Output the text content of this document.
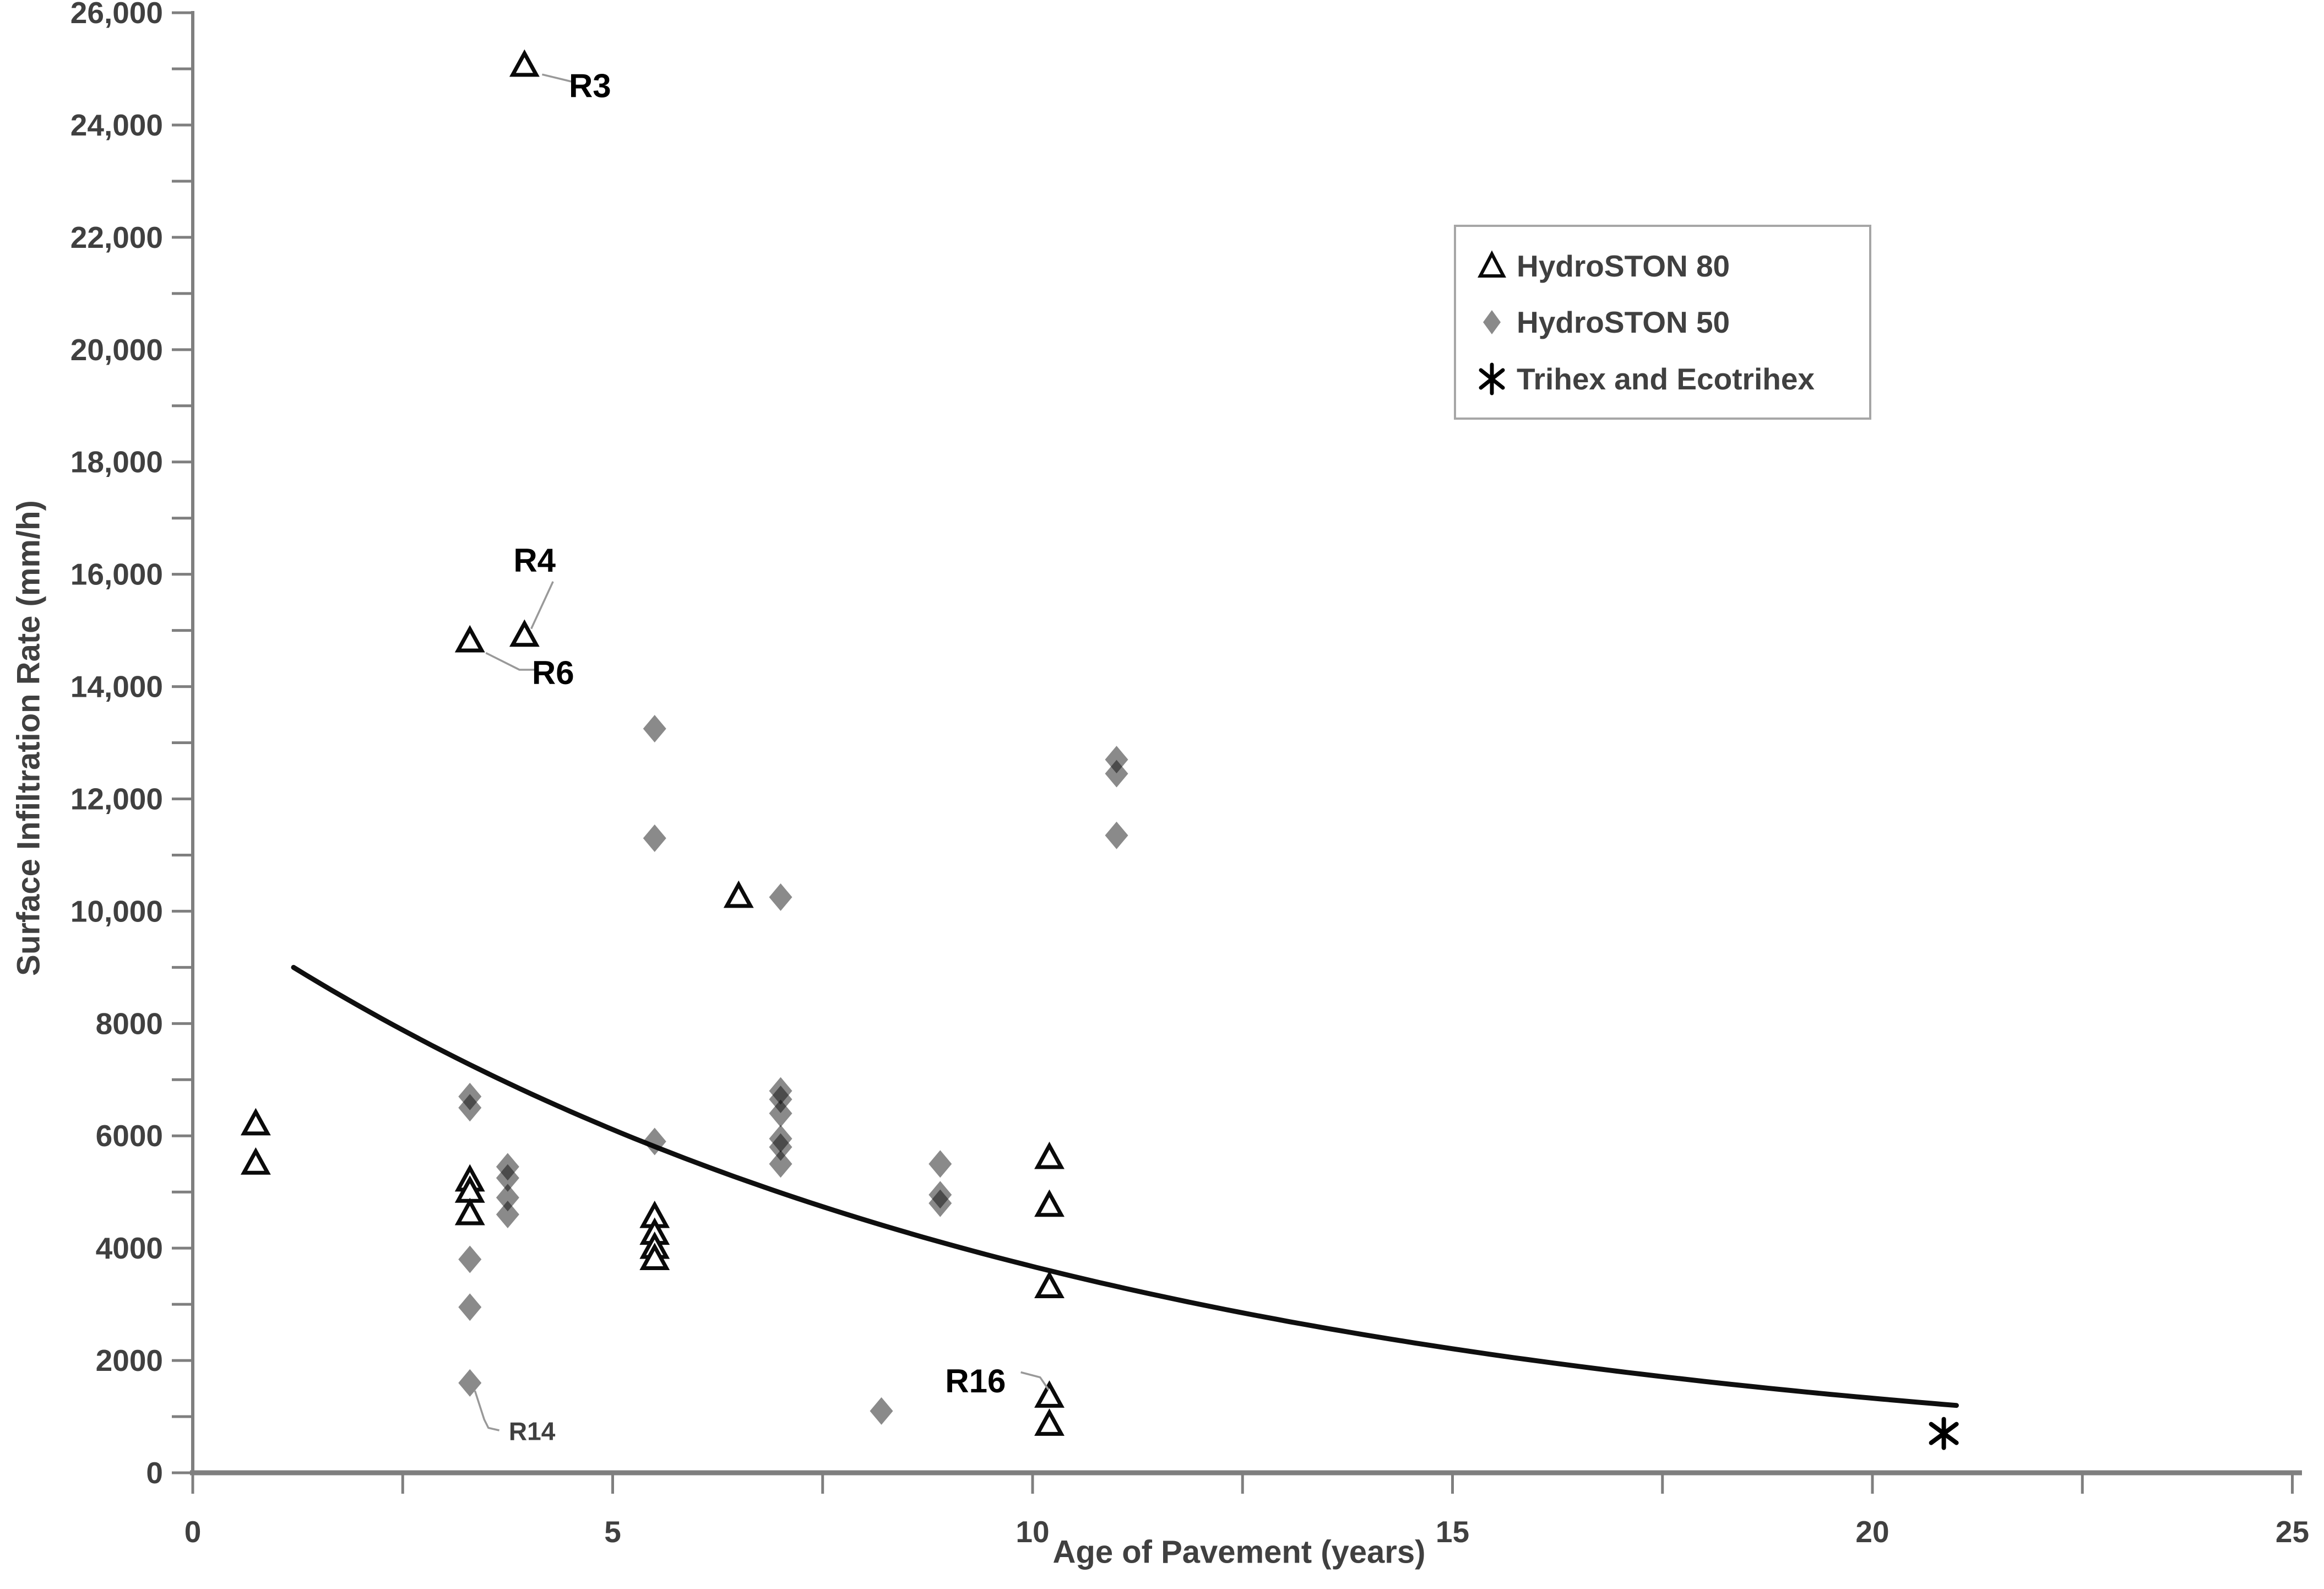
0
2000
4000
6000
8000
10,000
12,000
14,000
16,000
18,000
20,000
22,000
24,000
26,000
0	5	10	15	20	25
R3
R4
R6
R14
R16
Surface Infiltration Rate (mm/h)
Age of Pavement (years)
HydroSTON 80
HydroSTON 50
Trihex and Ecotrihex
